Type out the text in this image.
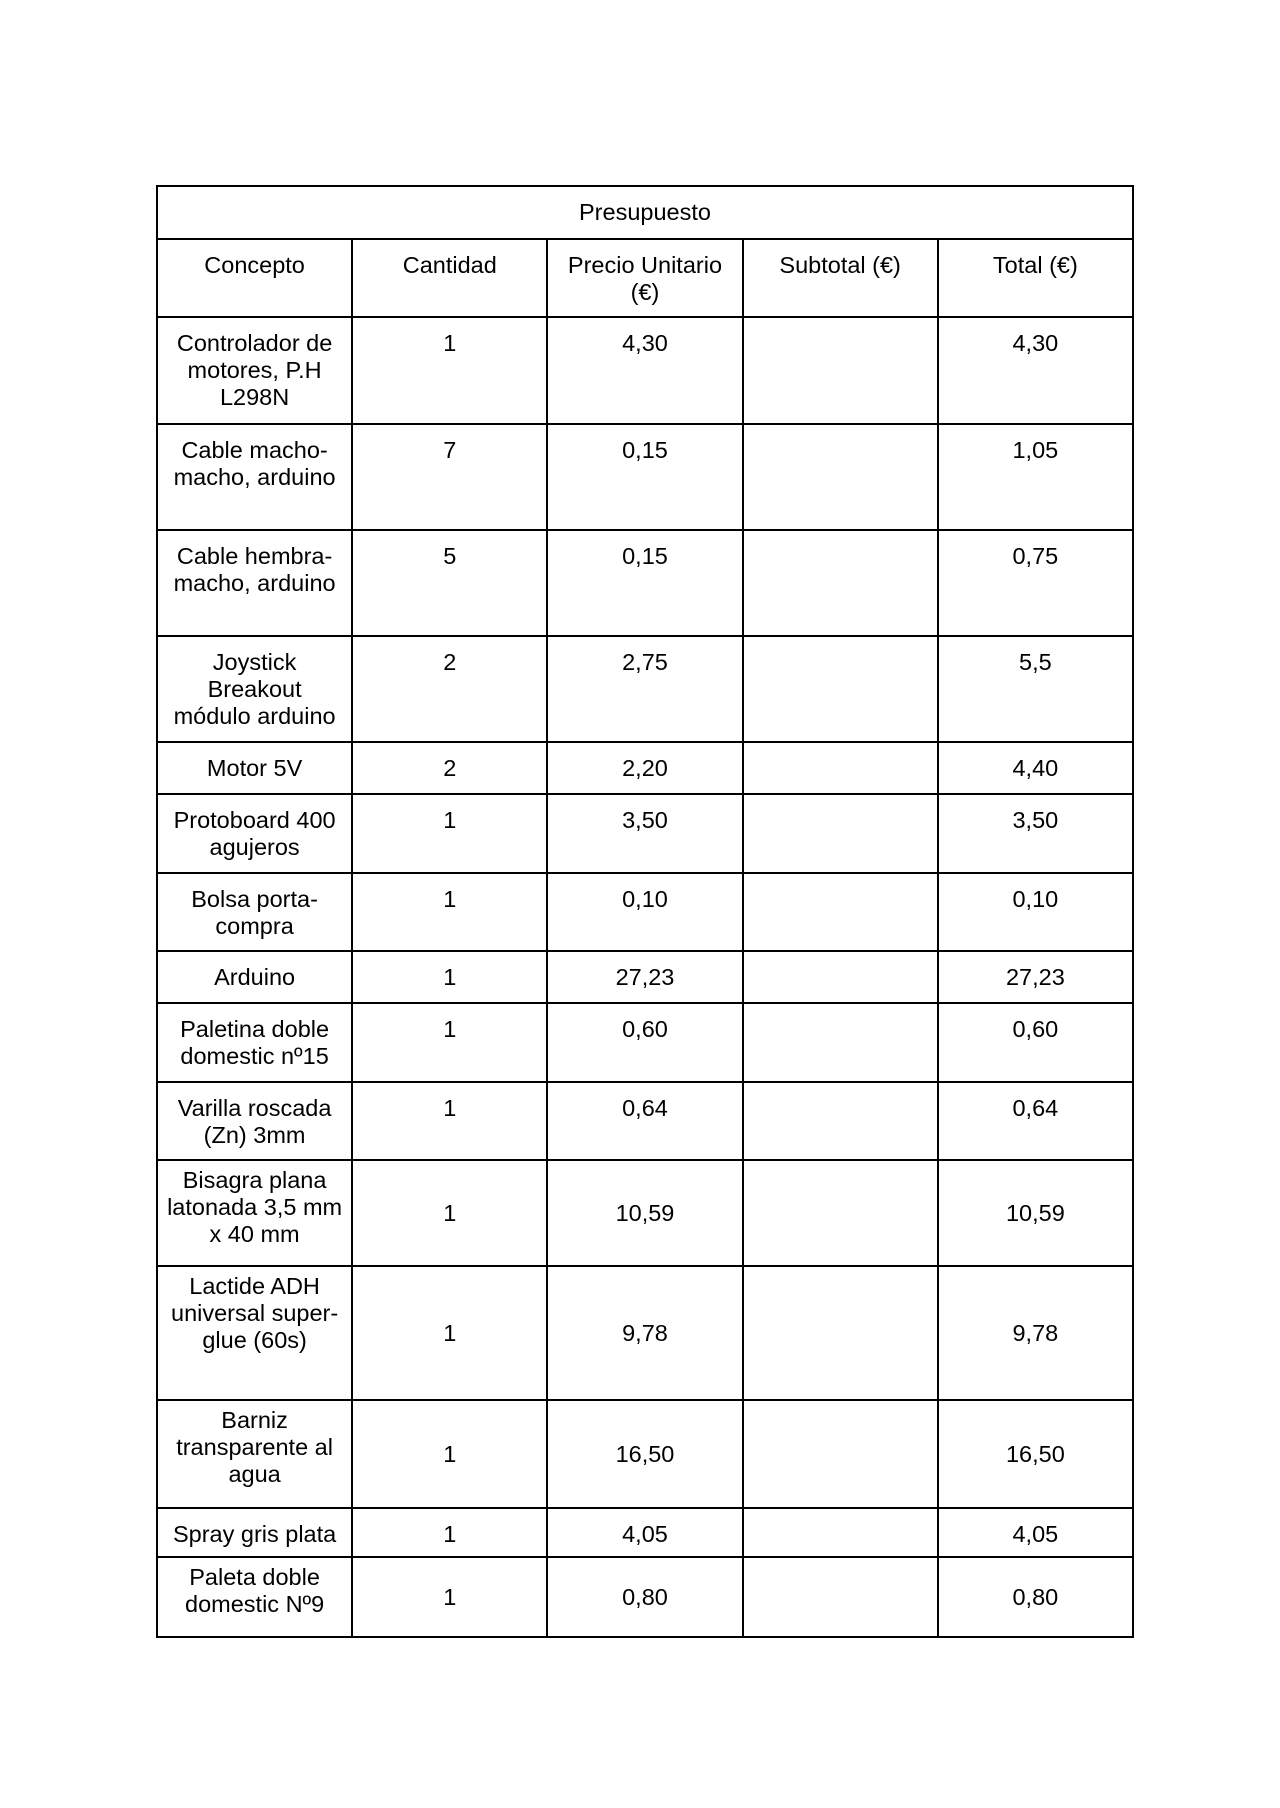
Presupuesto				
Concepto	Cantidad	Precio Unitario (€)	Subtotal (€)	Total (€)
Controlador de motores, P.H L298N	1	4,30		4,30
Cable macho-macho, arduino	7	0,15		1,05
Cable hembra-macho, arduino	5	0,15		0,75
Joystick Breakout módulo arduino	2	2,75		5,5
Motor 5V	2	2,20		4,40
Protoboard 400 agujeros	1	3,50		3,50
Bolsa porta-compra	1	0,10		0,10
Arduino	1	27,23		27,23
Paletina doble domestic nº15	1	0,60		0,60
Varilla roscada (Zn) 3mm	1	0,64		0,64
Bisagra plana latonada 3,5 mm x 40 mm	1	10,59		10,59
Lactide ADH universal super-glue (60s)	1	9,78		9,78
Barniz transparente al agua	1	16,50		16,50
Spray gris plata	1	4,05		4,05
Paleta doble domestic Nº9	1	0,80		0,80
